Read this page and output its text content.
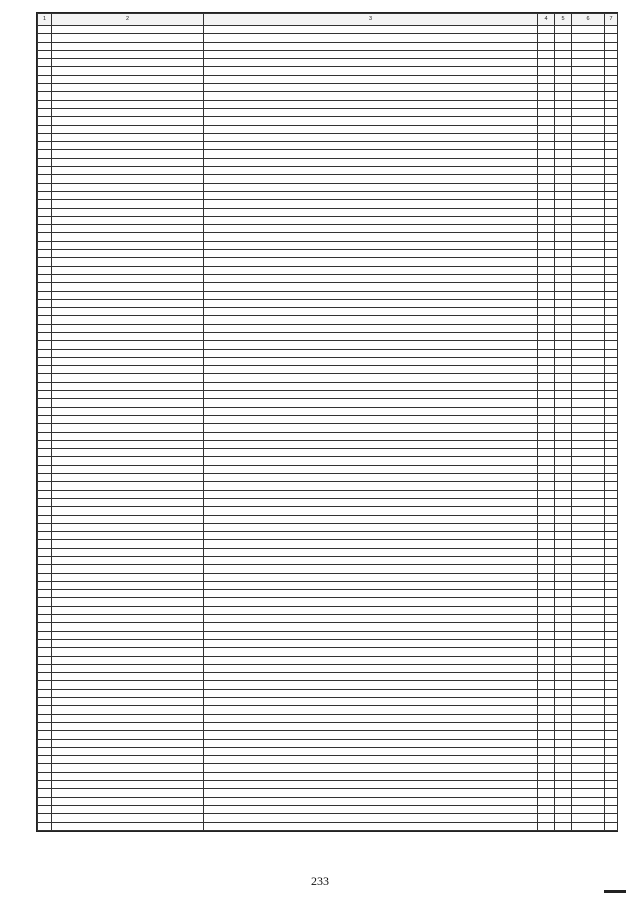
1	2	3	4	5	6	7

233
